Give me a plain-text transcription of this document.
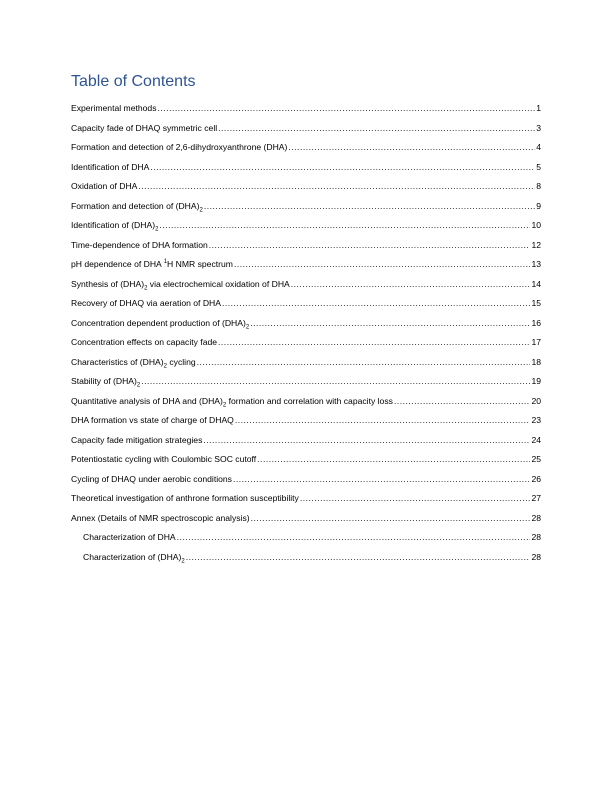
Table of Contents
Experimental methods .....	1
Capacity fade of DHAQ symmetric cell .....	3
Formation and detection of 2,6-dihydroxyanthrone (DHA) .....	4
Identification of DHA .....	5
Oxidation of DHA .....	8
Formation and detection of $(DHA)_2$ .....	9
Identification of $(DHA)_2$ .....	10
Time-dependence of DHA formation .....	12
pH dependence of DHA $^1$H NMR spectrum .....	13
Synthesis of $(DHA)_2$ via electrochemical oxidation of DHA .....	14
Recovery of DHAQ via aeration of DHA .....	15
Concentration dependent production of $(DHA)_2$ .....	16
Concentration effects on capacity fade .....	17
Characteristics of $(DHA)_2$ cycling .....	18
Stability of $(DHA)_2$ .....	19
Quantitative analysis of DHA and $(DHA)_2$ formation and correlation with capacity loss .....	20
DHA formation vs state of charge of DHAQ .....	23
Capacity fade mitigation strategies .....	24
Potentiostatic cycling with Coulombic SOC cutoff .....	25
Cycling of DHAQ under aerobic conditions .....	26
Theoretical investigation of anthrone formation susceptibility .....	27
Annex (Details of NMR spectroscopic analysis) .....	28
Characterization of DHA .....	28
Characterization of $(DHA)_2$ .....	28
